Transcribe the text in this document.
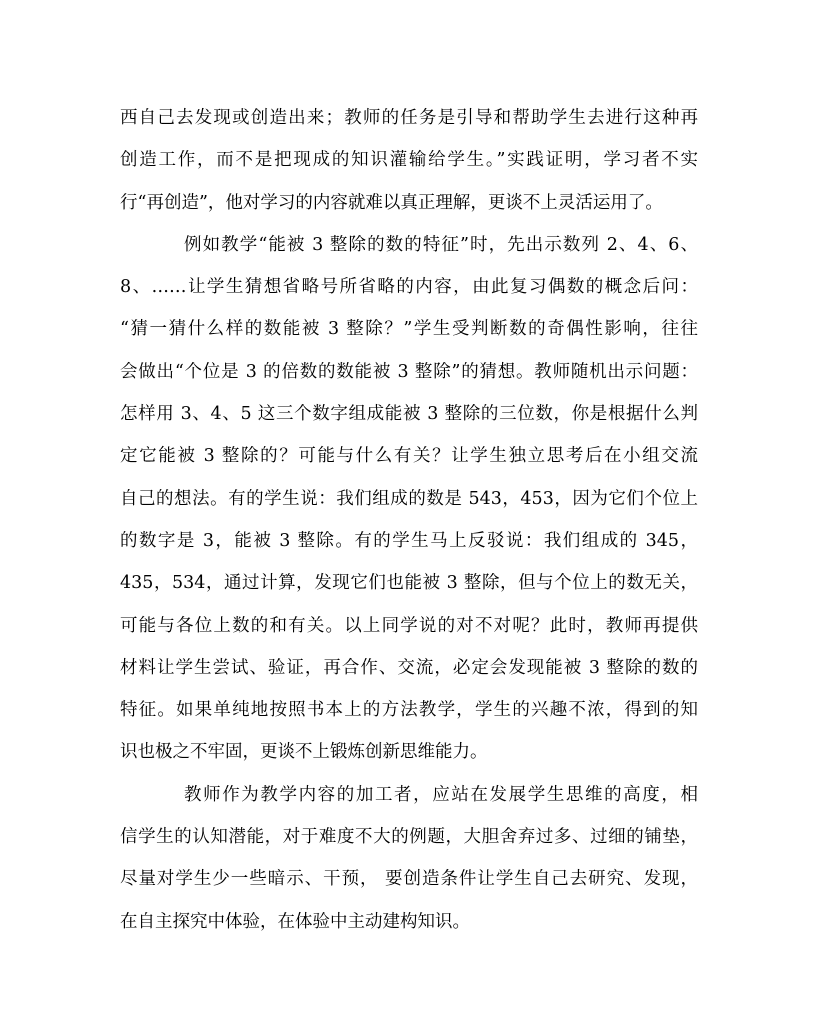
西自己去发现或创造出来；教师的任务是引导和帮助学生去进行这种再
创造工作，而不是把现成的知识灌输给学生。”实践证明，学习者不实
行“再创造”，他对学习的内容就难以真正理解，更谈不上灵活运用了。
例如教学“能被 3 整除的数的特征”时，先出示数列 2、4、6、
8、……让学生猜想省略号所省略的内容，由此复习偶数的概念后问：
“猜一猜什么样的数能被 3 整除？”学生受判断数的奇偶性影响，往往
会做出“个位是 3 的倍数的数能被 3 整除”的猜想。教师随机出示问题：
怎样用 3、4、5 这三个数字组成能被 3 整除的三位数，你是根据什么判
定它能被 3 整除的？可能与什么有关？让学生独立思考后在小组交流
自己的想法。有的学生说：我们组成的数是 543，453，因为它们个位上
的数字是 3，能被 3 整除。有的学生马上反驳说：我们组成的 345，
435，534，通过计算，发现它们也能被 3 整除，但与个位上的数无关，
可能与各位上数的和有关。以上同学说的对不对呢？此时，教师再提供
材料让学生尝试、验证，再合作、交流，必定会发现能被 3 整除的数的
特征。如果单纯地按照书本上的方法教学，学生的兴趣不浓，得到的知
识也极之不牢固，更谈不上锻炼创新思维能力。
教师作为教学内容的加工者，应站在发展学生思维的高度，相
信学生的认知潜能，对于难度不大的例题，大胆舍弃过多、过细的铺垫，
尽量对学生少一些暗示、干预， 要创造条件让学生自己去研究、发现，
在自主探究中体验，在体验中主动建构知识。
